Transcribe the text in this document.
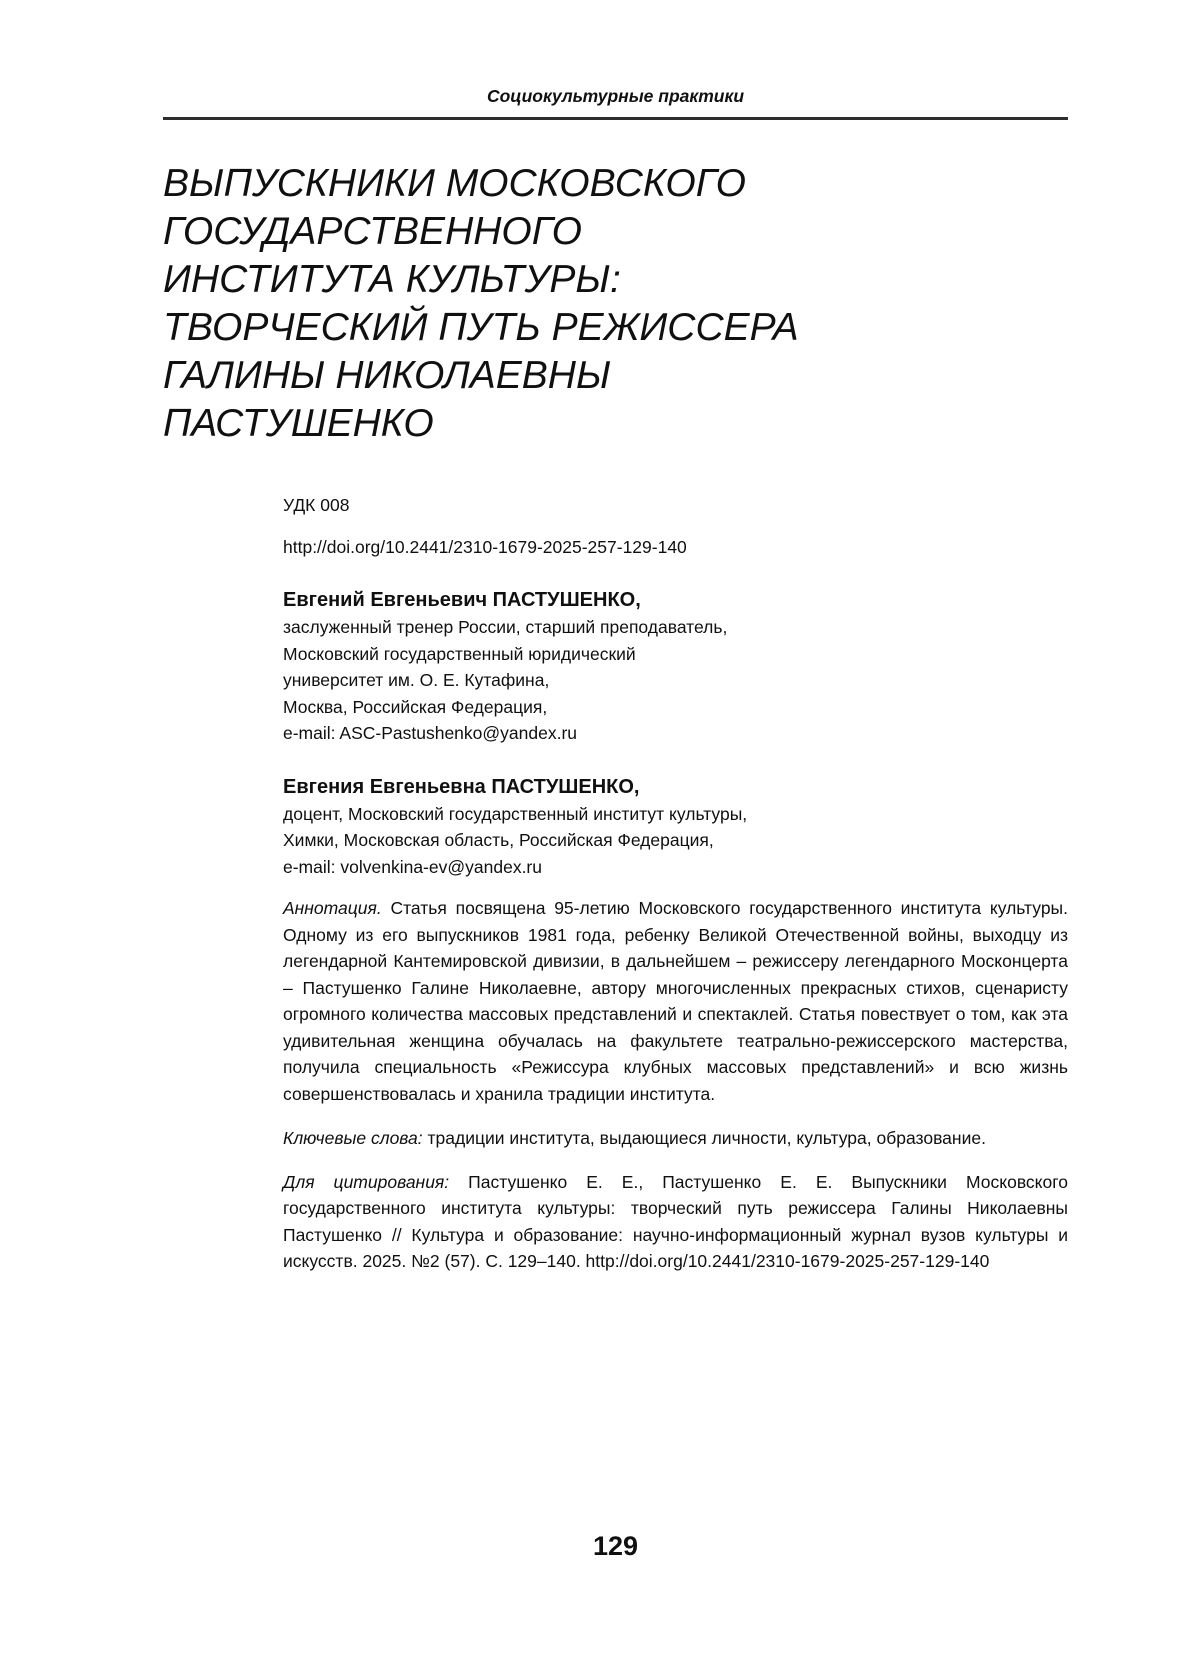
Социокультурные практики
ВЫПУСКНИКИ МОСКОВСКОГО
ГОСУДАРСТВЕННОГО
ИНСТИТУТА КУЛЬТУРЫ:
ТВОРЧЕСКИЙ ПУТЬ РЕЖИССЕРА
ГАЛИНЫ НИКОЛАЕВНЫ
ПАСТУШЕНКО
УДК 008
http://doi.org/10.2441/2310-1679-2025-257-129-140
Евгений Евгеньевич ПАСТУШЕНКО,
заслуженный тренер России, старший преподаватель,
Московский государственный юридический
университет им. О. Е. Кутафина,
Москва, Российская Федерация,
e-mail: ASC-Pastushenko@yandex.ru
Евгения Евгеньевна ПАСТУШЕНКО,
доцент, Московский государственный институт культуры,
Химки, Московская область, Российская Федерация,
e-mail: volvenkina-ev@yandex.ru

Аннотация. Статья посвящена 95-летию Московского государственного института культуры. Одному из его выпускников 1981 года, ребенку Великой Отечественной войны, выходцу из легендарной Кантемировской дивизии, в дальнейшем – режиссеру легендарного Москонцерта – Пастушенко Галине Николаевне, автору многочисленных прекрасных стихов, сценаристу огромного количества массовых представлений и спектаклей. Статья повествует о том, как эта удивительная женщина обучалась на факультете театрально-режиссерского мастерства, получила специальность «Режиссура клубных массовых представлений» и всю жизнь совершенствовалась и хранила традиции института.

Ключевые слова: традиции института, выдающиеся личности, культура, образование.

Для цитирования: Пастушенко Е. Е., Пастушенко Е. Е. Выпускники Московского государственного института культуры: творческий путь режиссера Галины Николаевны Пастушенко // Культура и образование: научно-информационный журнал вузов культуры и искусств. 2025. №2 (57). С. 129–140. http://doi.org/10.2441/2310-1679-2025-257-129-140

129
